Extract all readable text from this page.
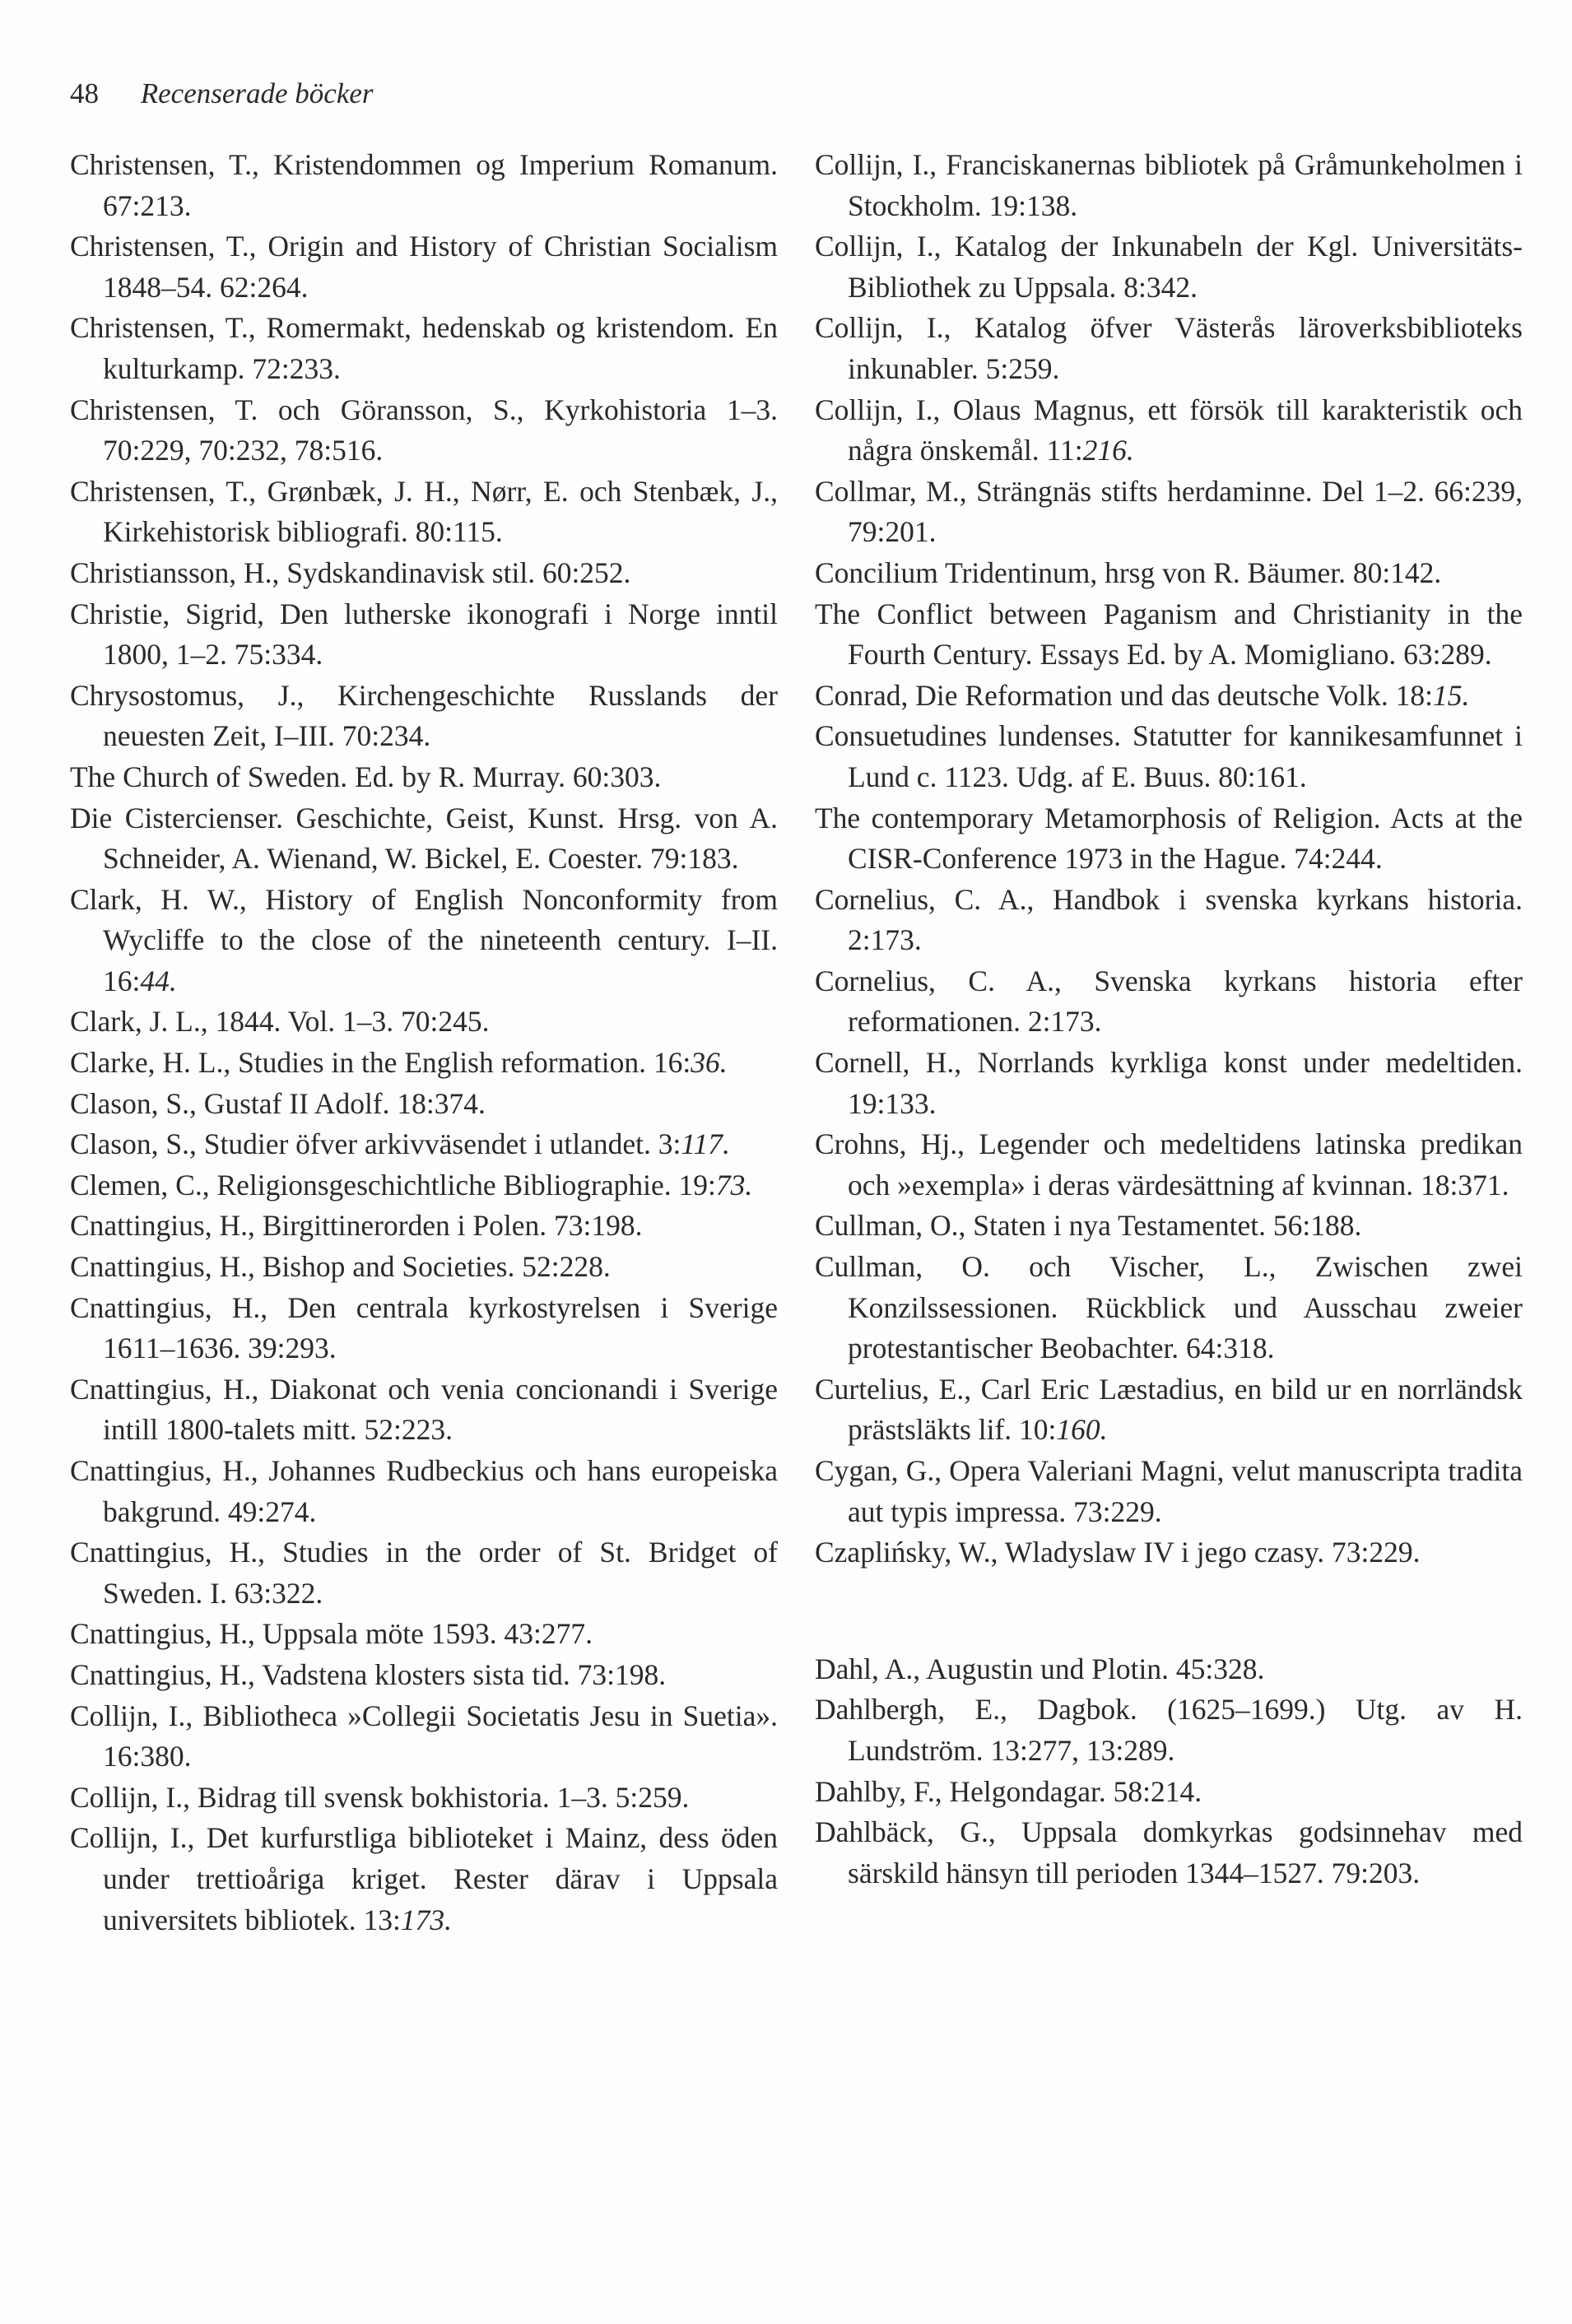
48 Recenserade böcker

Christensen, T., Kristendommen og Imperium Romanum. 67:213.

Christensen, T., Origin and History of Christian Socialism 1848–54. 62:264.

Christensen, T., Romermakt, hedenskab og kristendom. En kulturkamp. 72:233.

Christensen, T. och Göransson, S., Kyrkohistoria 1–3. 70:229, 70:232, 78:516.

Christensen, T., Grønbæk, J. H., Nørr, E. och Stenbæk, J., Kirkehistorisk bibliografi. 80:115.

Christiansson, H., Sydskandinavisk stil. 60:252.

Christie, Sigrid, Den lutherske ikonografi i Norge inntil 1800, 1–2. 75:334.

Chrysostomus, J., Kirchengeschichte Russlands der neuesten Zeit, I–III. 70:234.

The Church of Sweden. Ed. by R. Murray. 60:303.

Die Cistercienser. Geschichte, Geist, Kunst. Hrsg. von A. Schneider, A. Wienand, W. Bickel, E. Coester. 79:183.

Clark, H. W., History of English Nonconformity from Wycliffe to the close of the nineteenth century. I–II. 16:44.

Clark, J. L., 1844. Vol. 1–3. 70:245.

Clarke, H. L., Studies in the English reformation. 16:36.

Clason, S., Gustaf II Adolf. 18:374.

Clason, S., Studier öfver arkivväsendet i utlandet. 3:117.

Clemen, C., Religionsgeschichtliche Bibliographie. 19:73.

Cnattingius, H., Birgittinerorden i Polen. 73:198.

Cnattingius, H., Bishop and Societies. 52:228.

Cnattingius, H., Den centrala kyrkostyrelsen i Sverige 1611–1636. 39:293.

Cnattingius, H., Diakonat och venia concionandi i Sverige intill 1800-talets mitt. 52:223.

Cnattingius, H., Johannes Rudbeckius och hans europeiska bakgrund. 49:274.

Cnattingius, H., Studies in the order of St. Bridget of Sweden. I. 63:322.

Cnattingius, H., Uppsala möte 1593. 43:277.

Cnattingius, H., Vadstena klosters sista tid. 73:198.

Collijn, I., Bibliotheca »Collegii Societatis Jesu in Suetia». 16:380.

Collijn, I., Bidrag till svensk bokhistoria. 1–3. 5:259.

Collijn, I., Det kurfurstliga biblioteket i Mainz, dess öden under trettioåriga kriget. Rester därav i Uppsala universitets bibliotek. 13:173.

Collijn, I., Franciskanernas bibliotek på Gråmunkeholmen i Stockholm. 19:138.

Collijn, I., Katalog der Inkunabeln der Kgl. Universitäts-Bibliothek zu Uppsala. 8:342.

Collijn, I., Katalog öfver Västerås läroverksbiblioteks inkunabler. 5:259.

Collijn, I., Olaus Magnus, ett försök till karakteristik och några önskemål. 11:216.

Collmar, M., Strängnäs stifts herdaminne. Del 1–2. 66:239, 79:201.

Concilium Tridentinum, hrsg von R. Bäumer. 80:142.

The Conflict between Paganism and Christianity in the Fourth Century. Essays Ed. by A. Momigliano. 63:289.

Conrad, Die Reformation und das deutsche Volk. 18:15.

Consuetudines lundenses. Statutter for kannikesamfunnet i Lund c. 1123. Udg. af E. Buus. 80:161.

The contemporary Metamorphosis of Religion. Acts at the CISR-Conference 1973 in the Hague. 74:244.

Cornelius, C. A., Handbok i svenska kyrkans historia. 2:173.

Cornelius, C. A., Svenska kyrkans historia efter reformationen. 2:173.

Cornell, H., Norrlands kyrkliga konst under medeltiden. 19:133.

Crohns, Hj., Legender och medeltidens latinska predikan och »exempla» i deras värdesättning af kvinnan. 18:371.

Cullman, O., Staten i nya Testamentet. 56:188.

Cullman, O. och Vischer, L., Zwischen zwei Konzilssessionen. Rückblick und Ausschau zweier protestantischer Beobachter. 64:318.

Curtelius, E., Carl Eric Læstadius, en bild ur en norrländsk prästsläkts lif. 10:160.

Cygan, G., Opera Valeriani Magni, velut manuscripta tradita aut typis impressa. 73:229.

Czaplińsky, W., Wladyslaw IV i jego czasy. 73:229.

Dahl, A., Augustin und Plotin. 45:328.

Dahlbergh, E., Dagbok. (1625–1699.) Utg. av H. Lundström. 13:277, 13:289.

Dahlby, F., Helgondagar. 58:214.

Dahlbäck, G., Uppsala domkyrkas godsinnehav med särskild hänsyn till perioden 1344–1527. 79:203.
